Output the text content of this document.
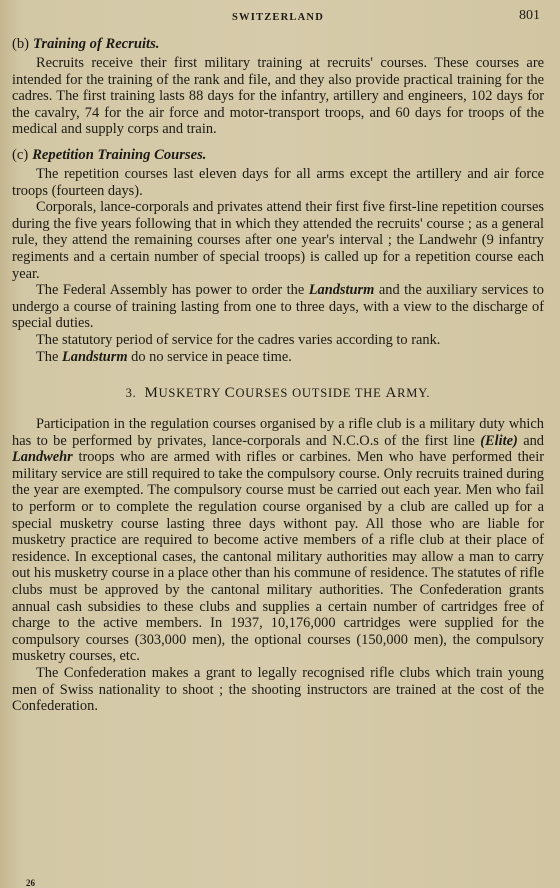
SWITZERLAND	801
(b) Training of Recruits.

Recruits receive their first military training at recruits' courses. These courses are intended for the training of the rank and file, and they also provide practical training for the cadres. The first training lasts 88 days for the infantry, artillery and engineers, 102 days for the cavalry, 74 for the air force and motor-transport troops, and 60 days for troops of the medical and supply corps and train.

(c) Repetition Training Courses.

The repetition courses last eleven days for all arms except the artillery and air force troops (fourteen days).

Corporals, lance-corporals and privates attend their first five first-line repetition courses during the five years following that in which they attended the recruits' course ; as a general rule, they attend the remaining courses after one year's interval ; the Landwehr (9 infantry regiments and a certain number of special troops) is called up for a repetition course each year.

The Federal Assembly has power to order the Landsturm and the auxiliary services to undergo a course of training lasting from one to three days, with a view to the discharge of special duties.

The statutory period of service for the cadres varies according to rank.

The Landsturm do no service in peace time.

3. MUSKETRY COURSES OUTSIDE THE ARMY.

Participation in the regulation courses organised by a rifle club is a military duty which has to be performed by privates, lance-corporals and N.C.O.s of the first line (Elite) and Landwehr troops who are armed with rifles or carbines. Men who have performed their military service are still required to take the compulsory course. Only recruits trained during the year are exempted. The compulsory course must be carried out each year. Men who fail to perform or to complete the regulation course organised by a club are called up for a special musketry course lasting three days withont pay. All those who are liable for musketry practice are required to become active members of a rifle club at their place of residence. In exceptional cases, the cantonal military authorities may allow a man to carry out his musketry course in a place other than his commune of residence. The statutes of rifle clubs must be approved by the cantonal military authorities. The Confederation grants annual cash subsidies to these clubs and supplies a certain number of cartridges free of charge to the active members. In 1937, 10,176,000 cartridges were supplied for the compulsory courses (303,000 men), the optional courses (150,000 men), the compulsory musketry courses, etc.

The Confederation makes a grant to legally recognised rifle clubs which train young men of Swiss nationality to shoot ; the shooting instructors are trained at the cost of the Confederation.

26
